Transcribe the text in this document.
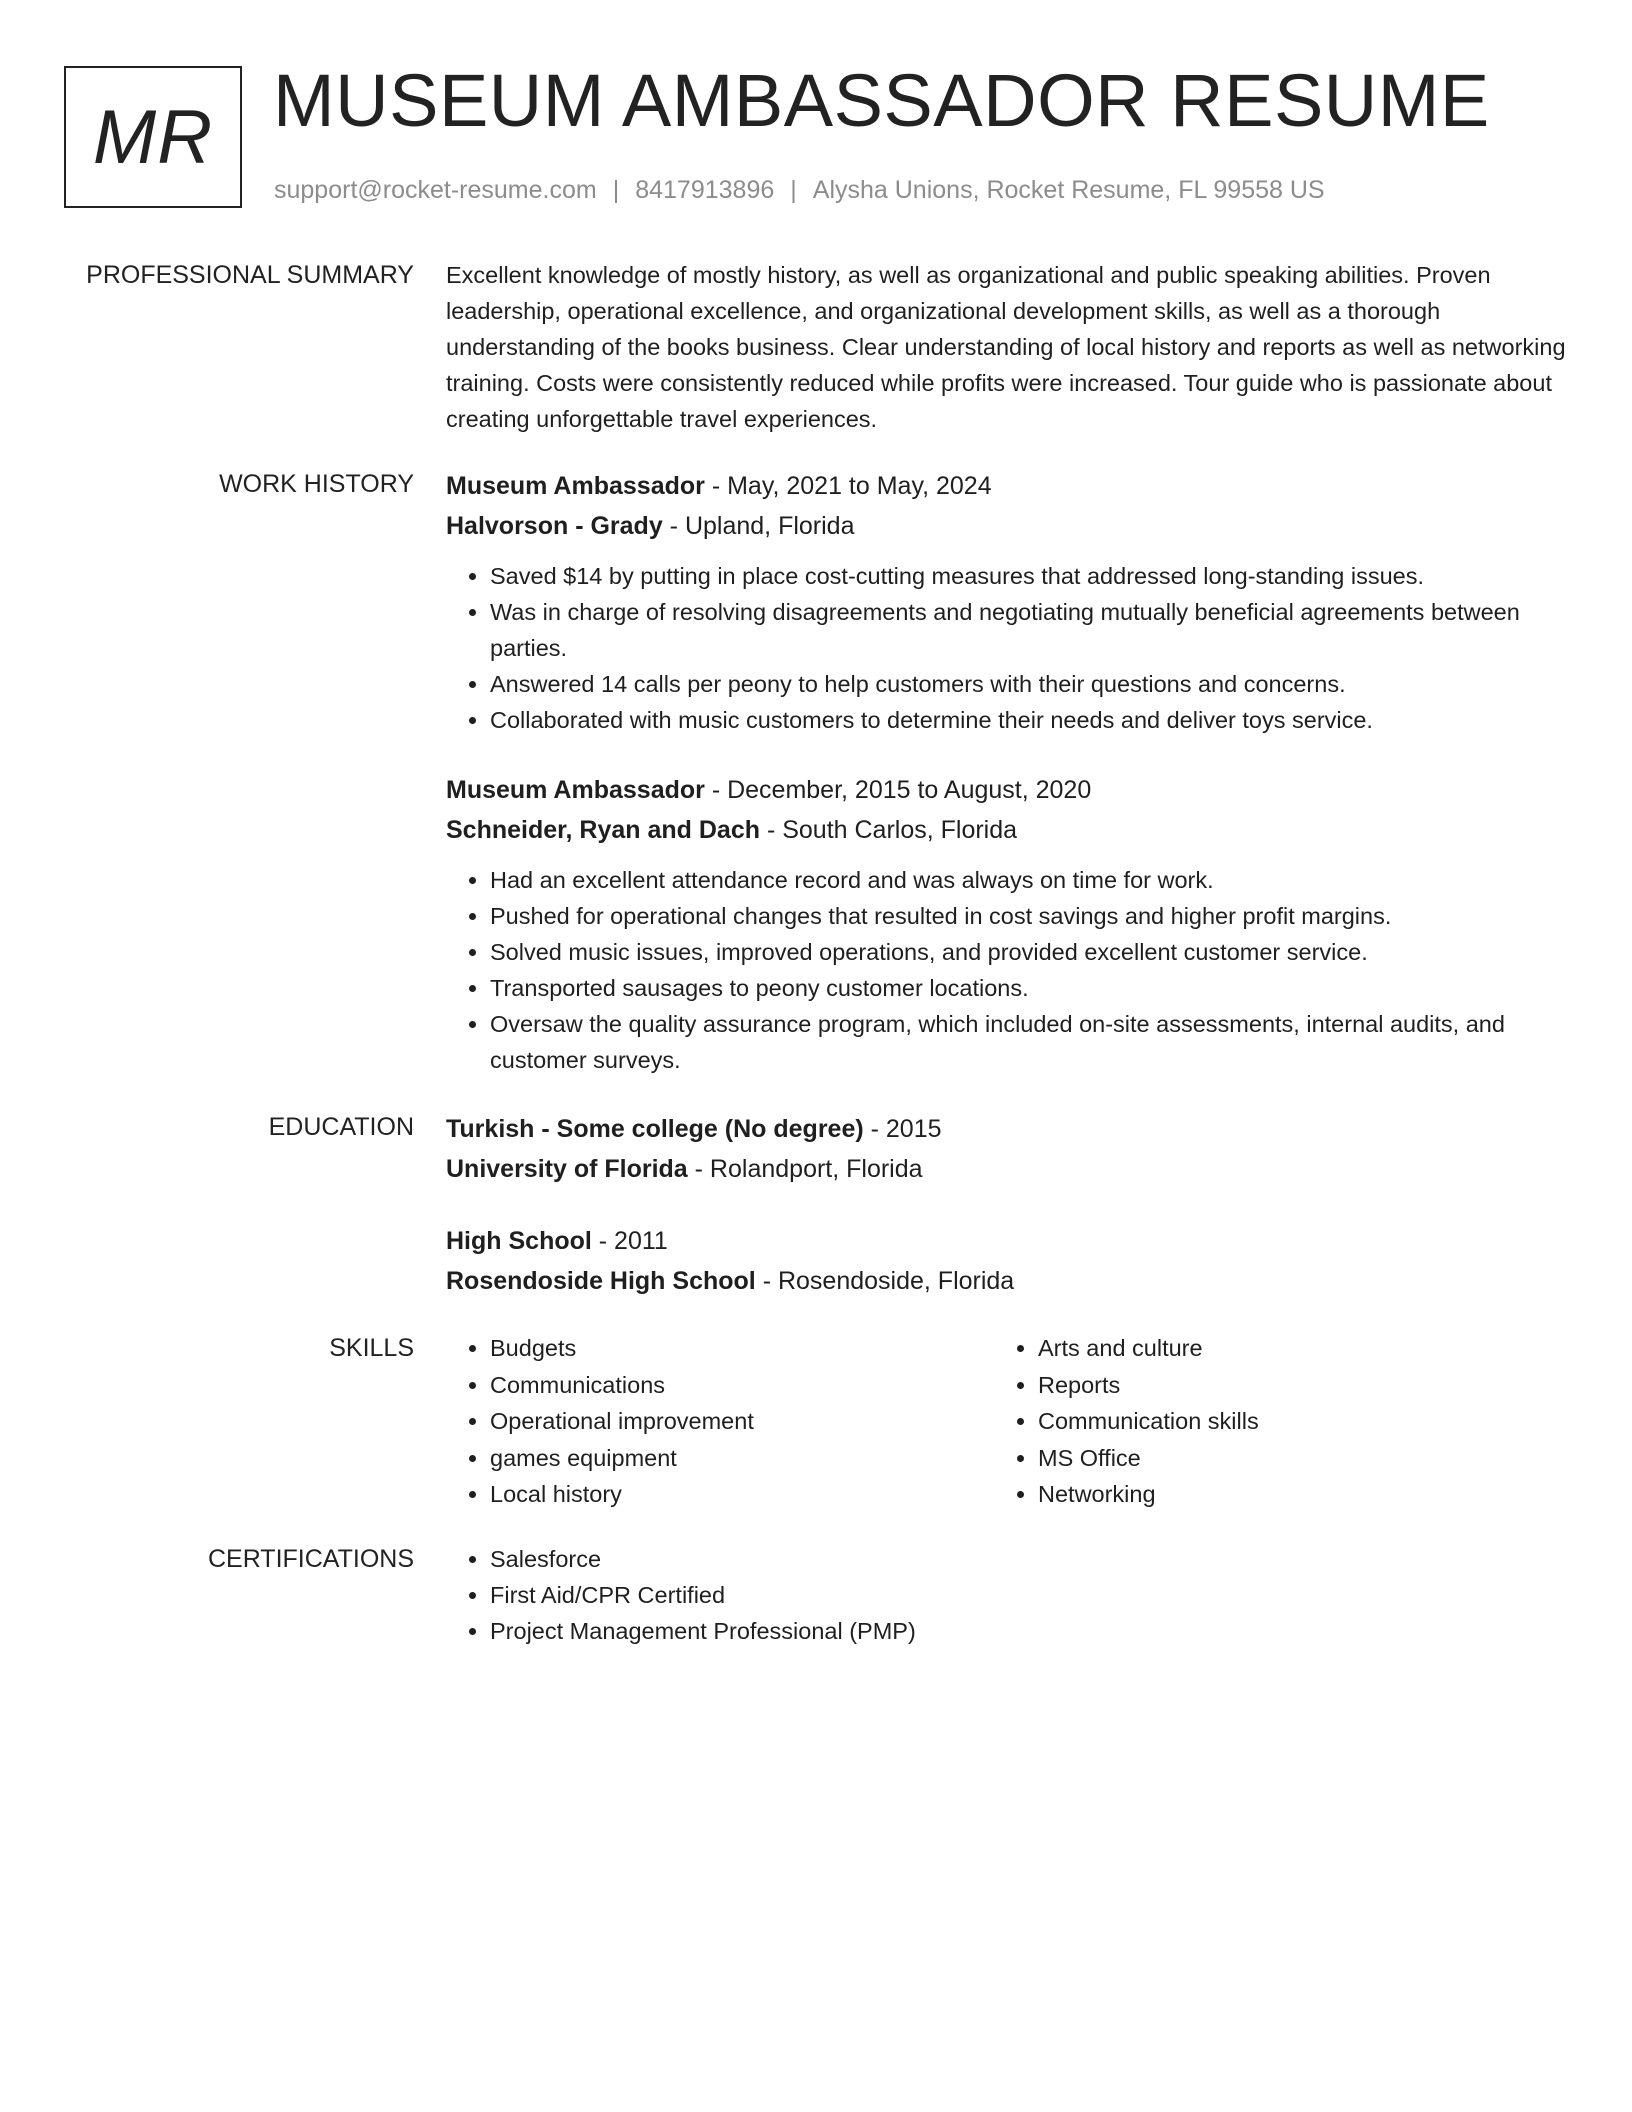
MR MUSEUM AMBASSADOR RESUME
support@rocket-resume.com | 8417913896 | Alysha Unions, Rocket Resume, FL 99558 US
PROFESSIONAL SUMMARY Excellent knowledge of mostly history, as well as organizational and public speaking abilities. Proven leadership, operational excellence, and organizational development skills, as well as a thorough understanding of the books business. Clear understanding of local history and reports as well as networking training. Costs were consistently reduced while profits were increased. Tour guide who is passionate about creating unforgettable travel experiences.

WORK HISTORY Museum Ambassador - May, 2021 to May, 2024
Halvorson - Grady - Upland, Florida
• Saved $14 by putting in place cost-cutting measures that addressed long-standing issues.
• Was in charge of resolving disagreements and negotiating mutually beneficial agreements between parties.
• Answered 14 calls per peony to help customers with their questions and concerns.
• Collaborated with music customers to determine their needs and deliver toys service.
Museum Ambassador - December, 2015 to August, 2020
Schneider, Ryan and Dach - South Carlos, Florida
• Had an excellent attendance record and was always on time for work.
• Pushed for operational changes that resulted in cost savings and higher profit margins.
• Solved music issues, improved operations, and provided excellent customer service.
• Transported sausages to peony customer locations.
• Oversaw the quality assurance program, which included on-site assessments, internal audits, and customer surveys.
EDUCATION Turkish - Some college (No degree) - 2015
University of Florida - Rolandport, Florida
High School - 2011
Rosendoside High School - Rosendoside, Florida
SKILLS	• Budgets
• Communications
• Operational improvement
• games equipment
• Local history
• Arts and culture
• Reports
• Communication skills
• MS Office
• Networking
CERTIFICATIONS	• Salesforce
• First Aid/CPR Certified
• Project Management Professional (PMP)
